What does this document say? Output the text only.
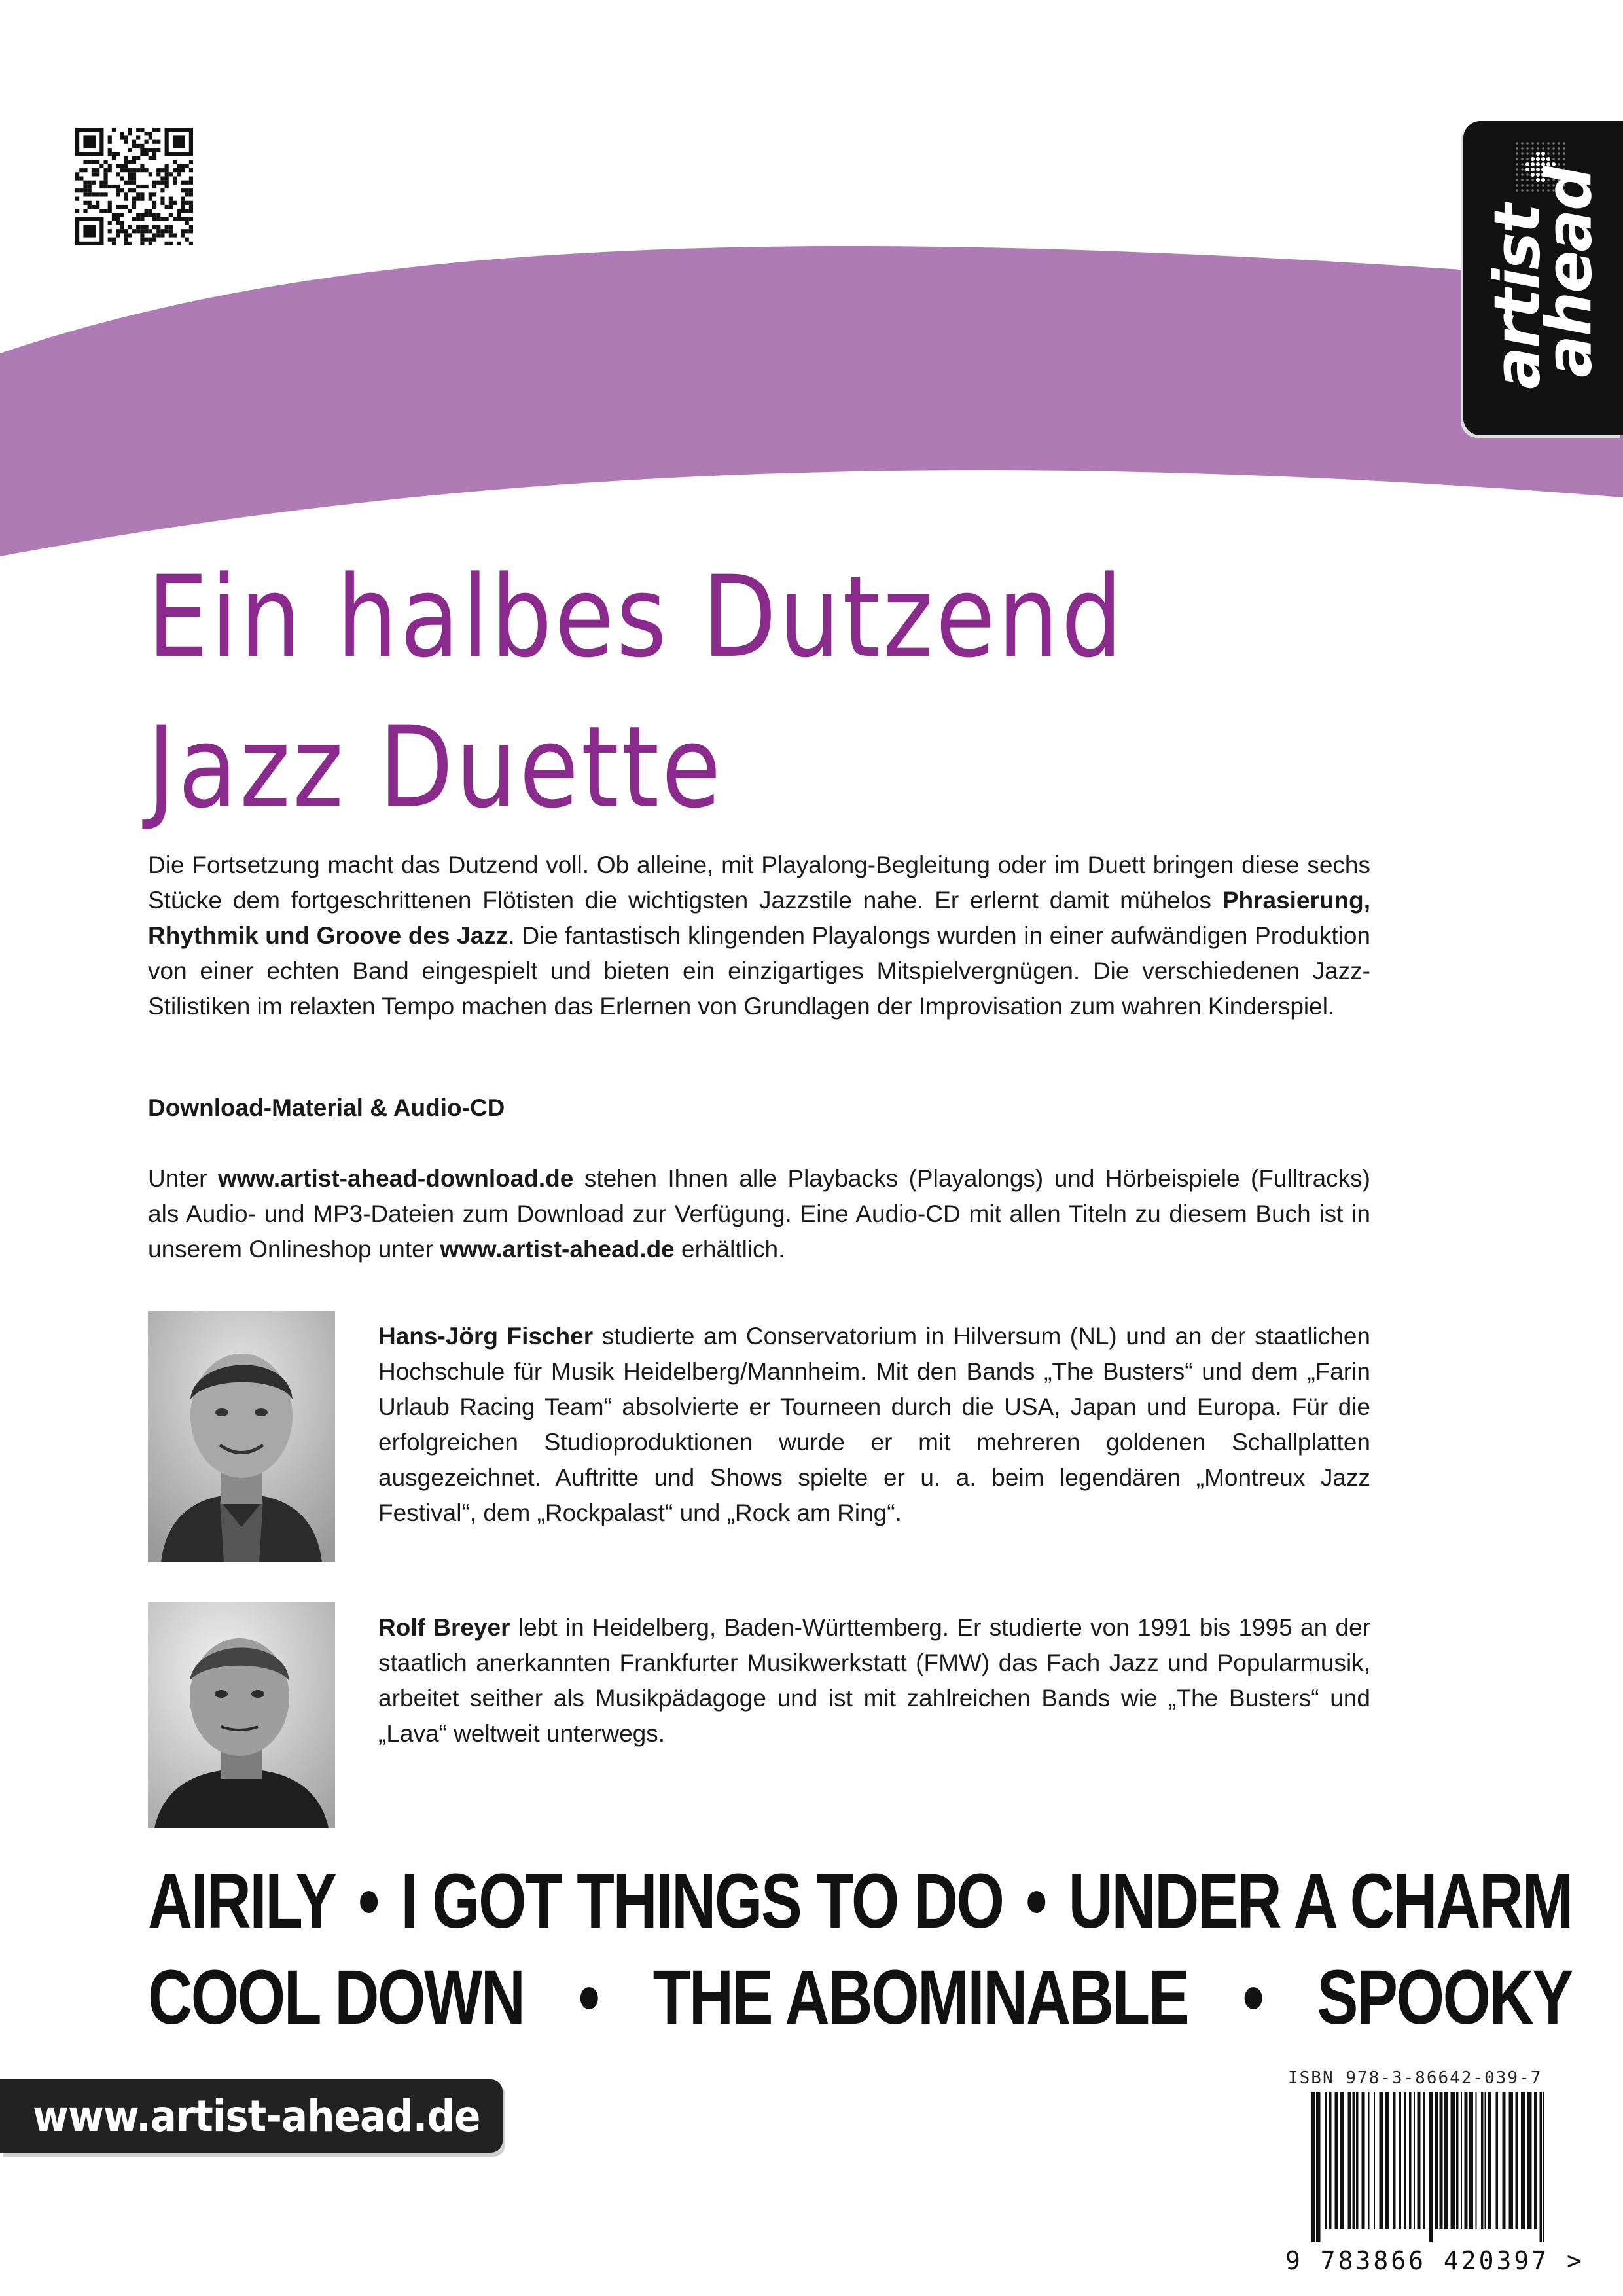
artist
ahead
Ein halbes Dutzend
Jazz Duette

Die Fortsetzung macht das Dutzend voll. Ob alleine, mit Playalong-Begleitung oder im Duett bringen diese sechs Stücke dem fortgeschrittenen Flötisten die wichtigsten Jazzstile nahe. Er erlernt damit mühelos Phrasierung, Rhythmik und Groove des Jazz. Die fantastisch klingenden Playalongs wurden in einer aufwändigen Produktion von einer echten Band eingespielt und bieten ein einzigartiges Mitspielvergnügen. Die verschiedenen Jazz-Stilistiken im relaxten Tempo machen das Erlernen von Grundlagen der Improvisation zum wahren Kinderspiel.

Download-Material & Audio-CD

Unter www.artist-ahead-download.de stehen Ihnen alle Playbacks (Playalongs) und Hörbeispiele (Fulltracks) als Audio- und MP3-Dateien zum Download zur Verfügung. Eine Audio-CD mit allen Titeln zu diesem Buch ist in unserem Onlineshop unter www.artist-ahead.de erhältlich.

Hans-Jörg Fischer studierte am Conservatorium in Hilversum (NL) und an der staatlichen Hochschule für Musik Heidelberg/Mannheim. Mit den Bands „The Busters“ und dem „Farin Urlaub Racing Team“ absolvierte er Tourneen durch die USA, Japan und Europa. Für die erfolgreichen Studioproduktionen wurde er mit mehreren goldenen Schallplatten ausgezeichnet. Auftritte und Shows spielte er u. a. beim legendären „Montreux Jazz Festival“, dem „Rockpalast“ und „Rock am Ring“.

Rolf Breyer lebt in Heidelberg, Baden-Württemberg. Er studierte von 1991 bis 1995 an der staatlich anerkannten Frankfurter Musikwerkstatt (FMW) das Fach Jazz und Popularmusik, arbeitet seither als Musikpädagoge und ist mit zahlreichen Bands wie „The Busters“ und „Lava“ weltweit unterwegs.

AIRILY • I GOT THINGS TO DO • UNDER A CHARM
COOL DOWN • THE ABOMINABLE • SPOOKY
www.artist-ahead.de
ISBN 978-3-86642-039-7
9 783866 420397 >
